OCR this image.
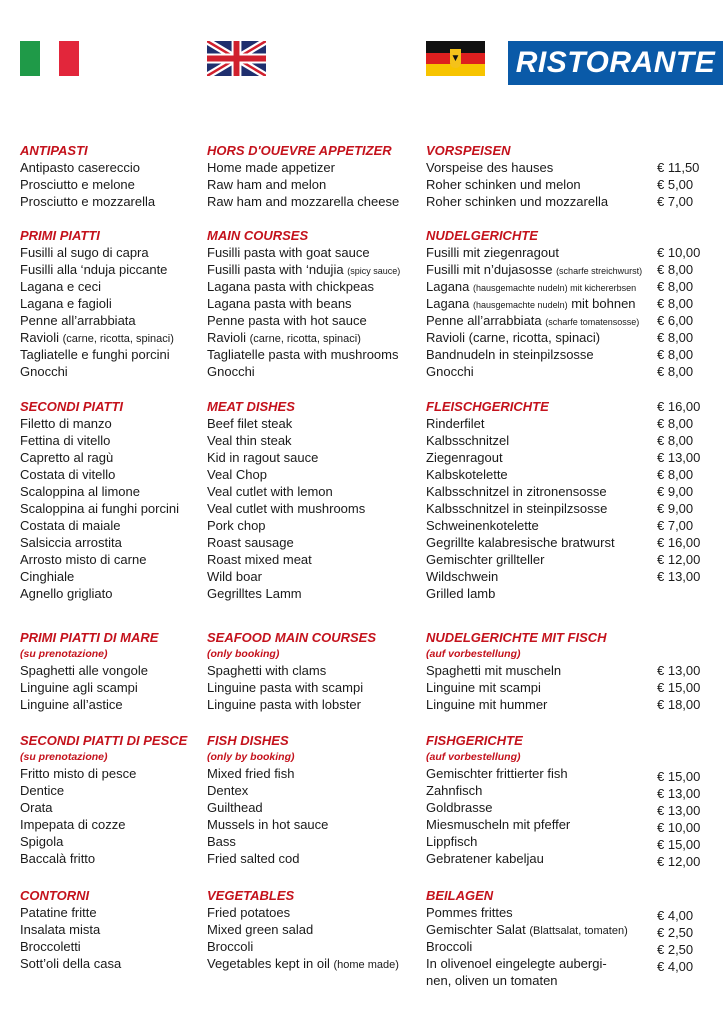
▼ RISTORANTE
ANTIPASTI
Antipasto casereccio
Prosciutto e melone
Prosciutto e mozzarella
HORS D'OUEVRE APPETIZER
Home made appetizer
Raw ham and melon
Raw ham and mozzarella cheese
VORSPEISEN
Vorspeise des hauses
Roher schinken und melon
Roher schinken und mozzarella
€ 11,50
€ 5,00
€ 7,00
PRIMI PIATTI
Fusilli al sugo di capra
Fusilli alla ‘nduja piccante
Lagana e ceci
Lagana e fagioli
Penne all’arrabbiata
Ravioli (carne, ricotta, spinaci)
Tagliatelle e funghi porcini
Gnocchi
MAIN COURSES
Fusilli pasta with goat sauce
Fusilli pasta with ‘ndujia (spicy sauce)
Lagana pasta with chickpeas
Lagana pasta with beans
Penne pasta with hot sauce
Ravioli (carne, ricotta, spinaci)
Tagliatelle pasta with mushrooms
Gnocchi
NUDELGERICHTE
Fusilli mit ziegenragout
Fusilli mit n’dujasosse (scharfe streichwurst)
Lagana (hausgemachte nudeln) mit kichererbsen
Lagana (hausgemachte nudeln) mit bohnen
Penne all’arrabbiata (scharfe tomatensosse)
Ravioli (carne, ricotta, spinaci)
Bandnudeln in steinpilzsosse
Gnocchi
€ 10,00
€ 8,00
€ 8,00
€ 8,00
€ 6,00
€ 8,00
€ 8,00
€ 8,00
SECONDI PIATTI
Filetto di manzo
Fettina di vitello
Capretto al ragù
Costata di vitello
Scaloppina al limone
Scaloppina ai funghi porcini
Costata di maiale
Salsiccia arrostita
Arrosto misto di carne
Cinghiale
Agnello grigliato
MEAT DISHES
Beef filet steak
Veal thin steak
Kid in ragout sauce
Veal Chop
Veal cutlet with lemon
Veal cutlet with mushrooms
Pork chop
Roast sausage
Roast mixed meat
Wild boar
Gegrilltes Lamm
FLEISCHGERICHTE
Rinderfilet
Kalbsschnitzel
Ziegenragout
Kalbskotelette
Kalbsschnitzel in zitronensosse
Kalbsschnitzel in steinpilzsosse
Schweinenkotelette
Gegrillte kalabresische bratwurst
Gemischter grillteller
Wildschwein
Grilled lamb
€ 16,00
€ 8,00
€ 8,00
€ 13,00
€ 8,00
€ 9,00
€ 9,00
€ 7,00
€ 16,00
€ 12,00
€ 13,00
PRIMI PIATTI DI MARE
(su prenotazione)
Spaghetti alle vongole
Linguine agli scampi
Linguine all’astice
SEAFOOD MAIN COURSES
(only booking)
Spaghetti with clams
Linguine pasta with scampi
Linguine pasta with lobster
NUDELGERICHTE MIT FISCH
(auf vorbestellung)
Spaghetti mit muscheln
Linguine mit scampi
Linguine mit hummer
€ 13,00
€ 15,00
€ 18,00
SECONDI PIATTI DI PESCE
(su prenotazione)
Fritto misto di pesce
Dentice
Orata
Impepata di cozze
Spigola
Baccalà fritto
FISH DISHES
(only by booking)
Mixed fried fish
Dentex
Guilthead
Mussels in hot sauce
Bass
Fried salted cod
FISHGERICHTE
(auf vorbestellung)
Gemischter frittierter fish
Zahnfisch
Goldbrasse
Miesmuscheln mit pfeffer
Lippfisch
Gebratener kabeljau
€ 15,00
€ 13,00
€ 13,00
€ 10,00
€ 15,00
€ 12,00
CONTORNI
Patatine fritte
Insalata mista
Broccoletti
Sott’oli della casa
VEGETABLES
Fried potatoes
Mixed green salad
Broccoli
Vegetables kept in oil (home made)
BEILAGEN
Pommes frittes
Gemischter Salat (Blattsalat, tomaten)
Broccoli
In olivenoel eingelegte aubergi-
nen, oliven un tomaten
€ 4,00
€ 2,50
€ 2,50
€ 4,00
